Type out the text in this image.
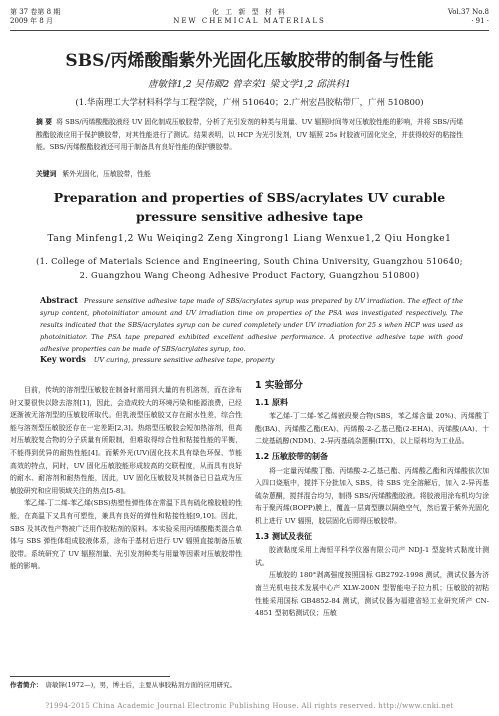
第 37 卷第 8 期
2009 年 8 月
化 工 新 型 材 料
NEW CHEMICAL MATERIALS
Vol.37 No.8
· 91 ·
SBS/丙烯酸酯紫外光固化压敏胶带的制备与性能
唐敏锋1,2 吴伟卿2 曾幸荣1 梁文学1,2 邱洪科1
(1.华南理工大学材料科学与工程学院，广州 510640；2.广州宏昌胶粘带厂，广州 510800)
摘 要 将 SBS/丙烯酸酯胶液经 UV 固化制成压敏胶带，分析了光引发剂的种类与用量、UV 辐照时间等对压敏胶性能的影响，并将 SBS/丙烯酸酯胶液应用于保护膜胶带，对其性能进行了测试。结果表明，以 HCP 为光引发剂，UV 辐照 25s 时胶液可固化完全，并获得较好的粘接性能。SBS/丙烯酸酯胶液还可用于制备具有良好性能的保护膜胶带。
关键词 紫外光固化，压敏胶带，性能
Preparation and properties of SBS/acrylates UV curable pressure sensitive adhesive tape
Tang Minfeng1,2 Wu Weiqing2 Zeng Xingrong1 Liang Wenxue1,2 Qiu Hongke1
(1. College of Materials Science and Engineering, South China University, Guangzhou 510640;
2. Guangzhou Wang Cheong Adhesive Product Factory, Guangzhou 510800)
Abstract Pressure sensitive adhesive tape made of SBS/acrylates syrup was prepared by UV irradiation. The effect of the syrup content, photoinitiator amount and UV irradiation time on properties of the PSA was investigated respectively. The results indicated that the SBS/acrylates syrup can be cured completely under UV irradiation for 25 s when HCP was used as photoinitiator. The PSA tape prepared exhibited excellent adhesive performance. A protective adhesive tape with good adhesive properties can be made of SBS/acrylates syrup, too.
Key words UV curing, pressure sensitive adhesive tape, property

目前，传统的溶剂型压敏胶在制备时需用到大量的有机溶剂，而在涂布时又要很快以除去溶剂[1]，因此，会造成较大的环境污染和能源浪费，已经逐渐被无溶剂型的压敏胶所取代。但乳液型压敏胶又存在耐水性差，综合性能与溶剂型压敏胶还存在一定差距[2,3]。热熔型压敏胶会短加热溶剂，但高对压敏胶复合物的分子质量有所限制，但难取得综合性和粘接性能的平衡，不能得到优异的耐热性能[4]。而紫外光(UV)固化技术具有绿色环保、节能高效的特点，同时，UV 固化压敏胶能形成较高的交联程度，从而具有良好的耐水、耐溶剂和耐热性能，因此，UV 固化压敏胶及其制备已日益成为压敏胶研究和应用领域关注的热点[5-8]。

苯乙烯-丁二烯-苯乙烯(SBS)热塑性弹性体在常温下具有硫化橡胶般的性能，在高温下又具有可塑性，兼具有良好的弹性和粘接性能[9,10]。因此，SBS 及其改性产物被广泛用作胶粘剂的原料。本实验采用丙烯酸酯类混合单体与 SBS 弹性体组成胶液体系，涂布于基材后进行 UV 辐照直接制备压敏胶带。系统研究了 UV 辐照剂量、光引发剂种类与用量等因素对压敏胶带性能的影响。

1 实验部分
1.1 原料

苯乙烯-丁二烯-苯乙烯嵌段聚合物(SBS，苯乙烯含量 20%)、丙烯酸丁酯(BA)、丙烯酸乙酯(EA)、丙烯酸-2-乙基己酯(2-EHA)、丙烯酸(AA)、十二烷基硫醇(NDM)、2-异丙基硫杂蒽酮(ITX)，以上原料均为工业品。

1.2 压敏胶带的制备

将一定量丙烯酸丁酯、丙烯酸-2-乙基己酯、丙烯酸乙酯和丙烯酸依次加入四口烧瓶中，搅拌下分批加入 SBS，待 SBS 完全溶解后，加入 2-异丙基硫杂蒽酮，搅拌混合均匀，制得 SBS/丙烯酸酯胶液。将胶液用涂布机均匀涂布于聚丙烯(BOPP)膜上，覆盖一层离型膜以隔绝空气，然后置于紫外光固化机上进行 UV 辐照，胶层固化后即得压敏胶带。

1.3 测试及表征

胶液黏度采用上海恒平科学仪器有限公司产 NDJ-1 型旋转式黏度计测试。

压敏胶的 180°剥离强度按照国标 GB2792-1998 测试，测试仪器为济南兰光机电技术发展中心产 XLW-200N 型智能电子拉力机；压敏胶的初粘性能采用国标 GB4852-84 测试，测试仪器为福建省轻工业研究所产 CN-4851 型初粘测试仪；压敏

作者简介： 唐敏锋(1972—)，男，博士后，主要从事胶粘剂方面的应用研究。
?1994-2015 China Academic Journal Electronic Publishing House. All rights reserved. http://www.cnki.net
